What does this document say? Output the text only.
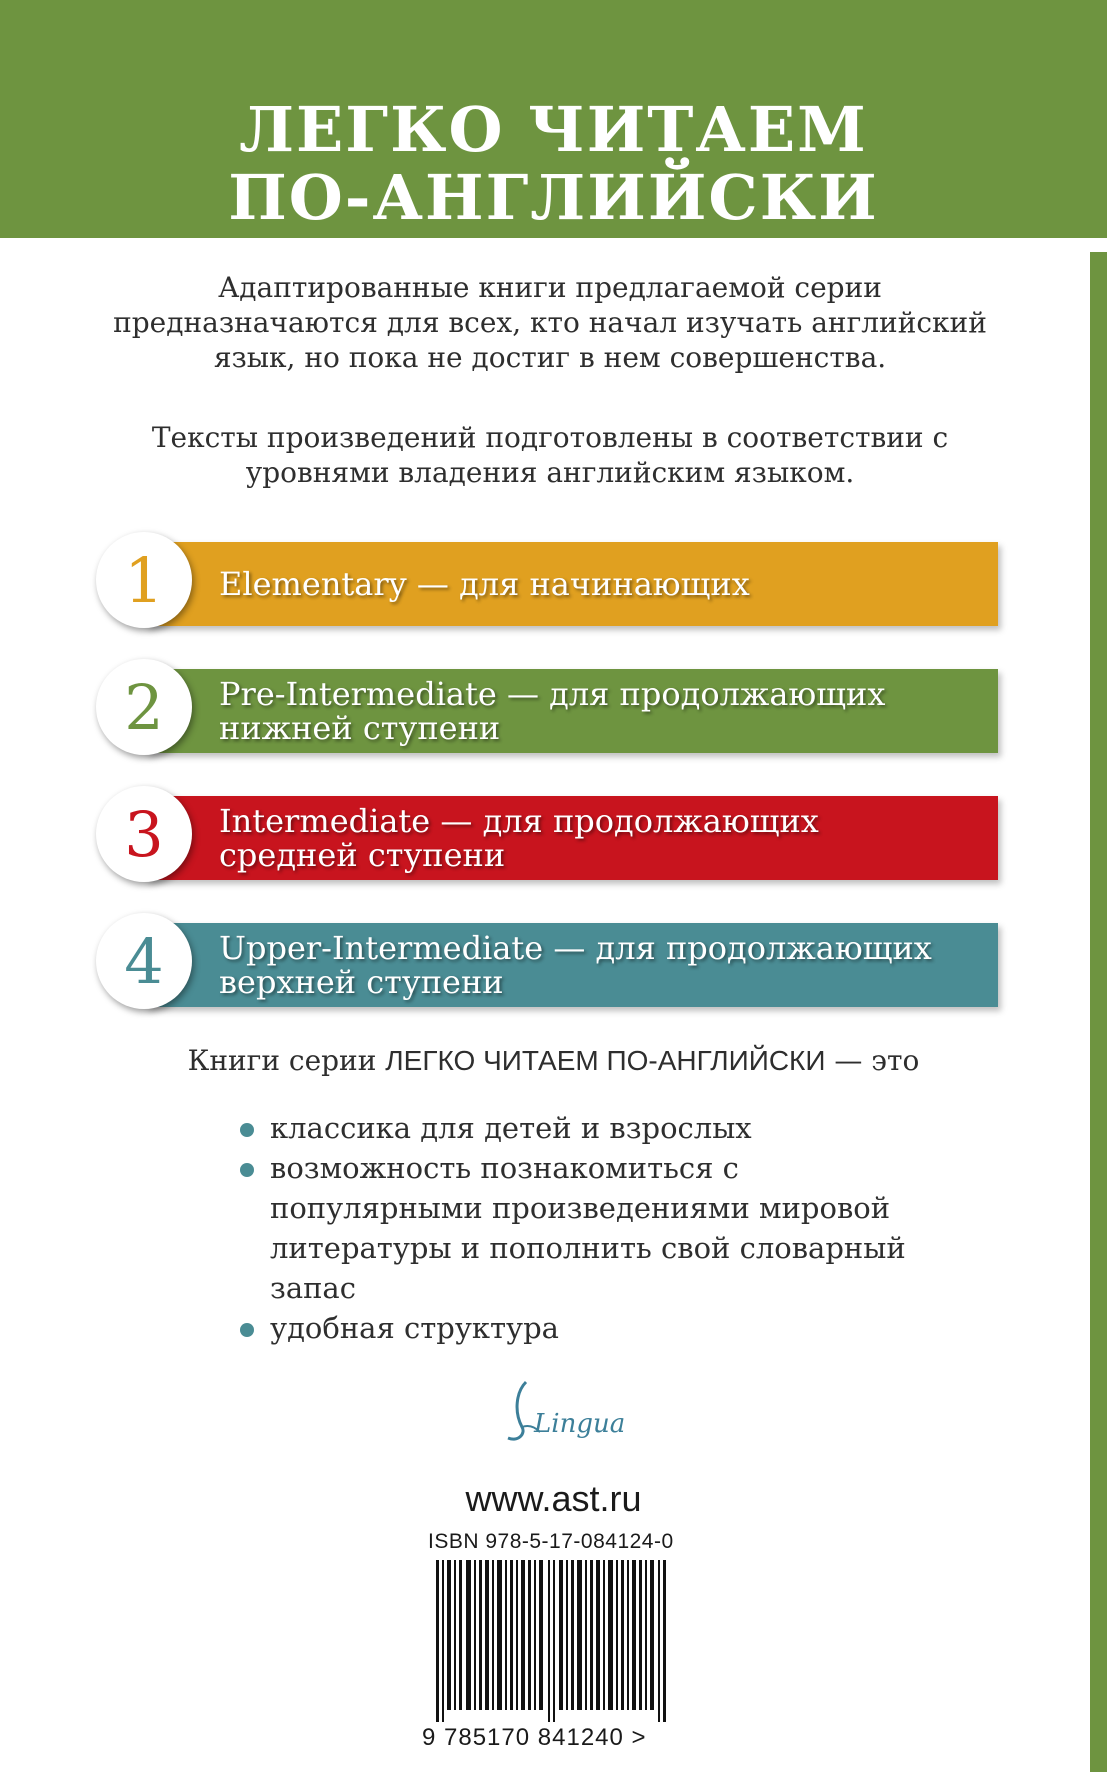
ЛЕГКО ЧИТАЕМ
ПО-АНГЛИЙСКИ

Адаптированные книги предлагаемой серии предназначаются для всех, кто начал изучать английский язык, но пока не достиг в нем совершенства.

Тексты произведений подготовлены в соответствии с уровнями владения английским языком.

Elementary — для начинающих
1
Pre-Intermediate — для продолжающих
нижней ступени
2
Intermediate — для продолжающих
средней ступени
3
Upper-Intermediate — для продолжающих
верхней ступени
4
Книги серии ЛЕГКО ЧИТАЕМ ПО-АНГЛИЙСКИ — это
классика для детей и взрослых
возможность познакомиться с популярными произведениями мировой литературы и пополнить свой словарный запас
удобная структура
Lingua
www.ast.ru
ISBN 978-5-17-084124-0
9 785170 841240 >
